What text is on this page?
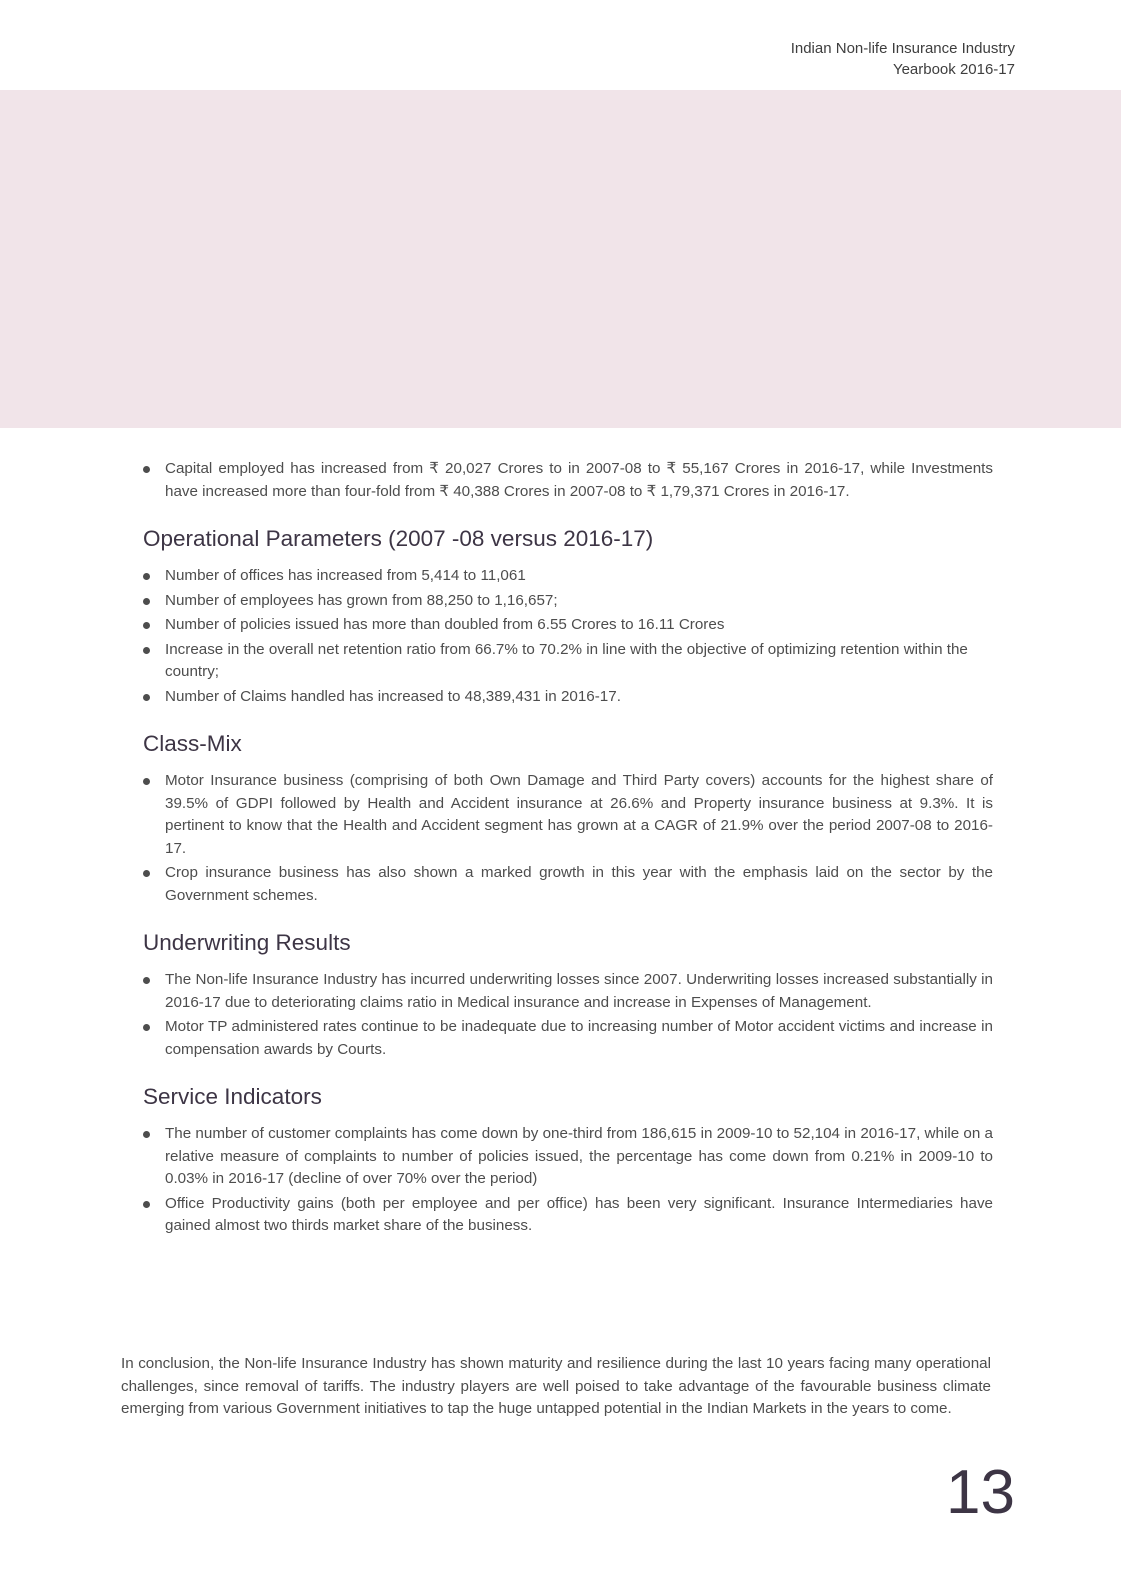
Indian Non-life Insurance Industry
Yearbook 2016-17
Capital employed has increased from ₹ 20,027 Crores to in 2007-08 to ₹ 55,167 Crores in 2016-17, while Investments have increased more than four-fold from ₹ 40,388 Crores in 2007-08 to ₹ 1,79,371 Crores in 2016-17.
Operational Parameters (2007 -08 versus 2016-17)
Number of offices has increased from 5,414 to 11,061
Number of employees has grown from 88,250 to 1,16,657;
Number of policies issued has more than doubled from 6.55 Crores to 16.11 Crores
Increase in the overall net retention ratio from 66.7% to 70.2% in line with the objective of optimizing retention within the country;
Number of Claims handled has increased to 48,389,431 in 2016-17.
Class-Mix
Motor Insurance business (comprising of both Own Damage and Third Party covers) accounts for the highest share of 39.5% of GDPI followed by Health and Accident insurance at 26.6% and Property insurance business at 9.3%. It is pertinent to know that the Health and Accident segment has grown at a CAGR of 21.9% over the period 2007-08 to 2016-17.
Crop insurance business has also shown a marked growth in this year with the emphasis laid on the sector by the Government schemes.
Underwriting Results
The Non-life Insurance Industry has incurred underwriting losses since 2007. Underwriting losses increased substantially in 2016-17 due to deteriorating claims ratio in Medical insurance and increase in Expenses of Management.
Motor TP administered rates continue to be inadequate due to increasing number of Motor accident victims and increase in compensation awards by Courts.
Service Indicators
The number of customer complaints has come down by one-third from 186,615 in 2009-10 to 52,104 in 2016-17, while on a relative measure of complaints to number of policies issued, the percentage has come down from 0.21% in 2009-10 to 0.03% in 2016-17 (decline of over 70% over the period)
Office Productivity gains (both per employee and per office) has been very significant. Insurance Intermediaries have gained almost two thirds market share of the business.

In conclusion, the Non-life Insurance Industry has shown maturity and resilience during the last 10 years facing many operational challenges, since removal of tariffs. The industry players are well poised to take advantage of the favourable business climate emerging from various Government initiatives to tap the huge untapped potential in the Indian Markets in the years to come.

13
